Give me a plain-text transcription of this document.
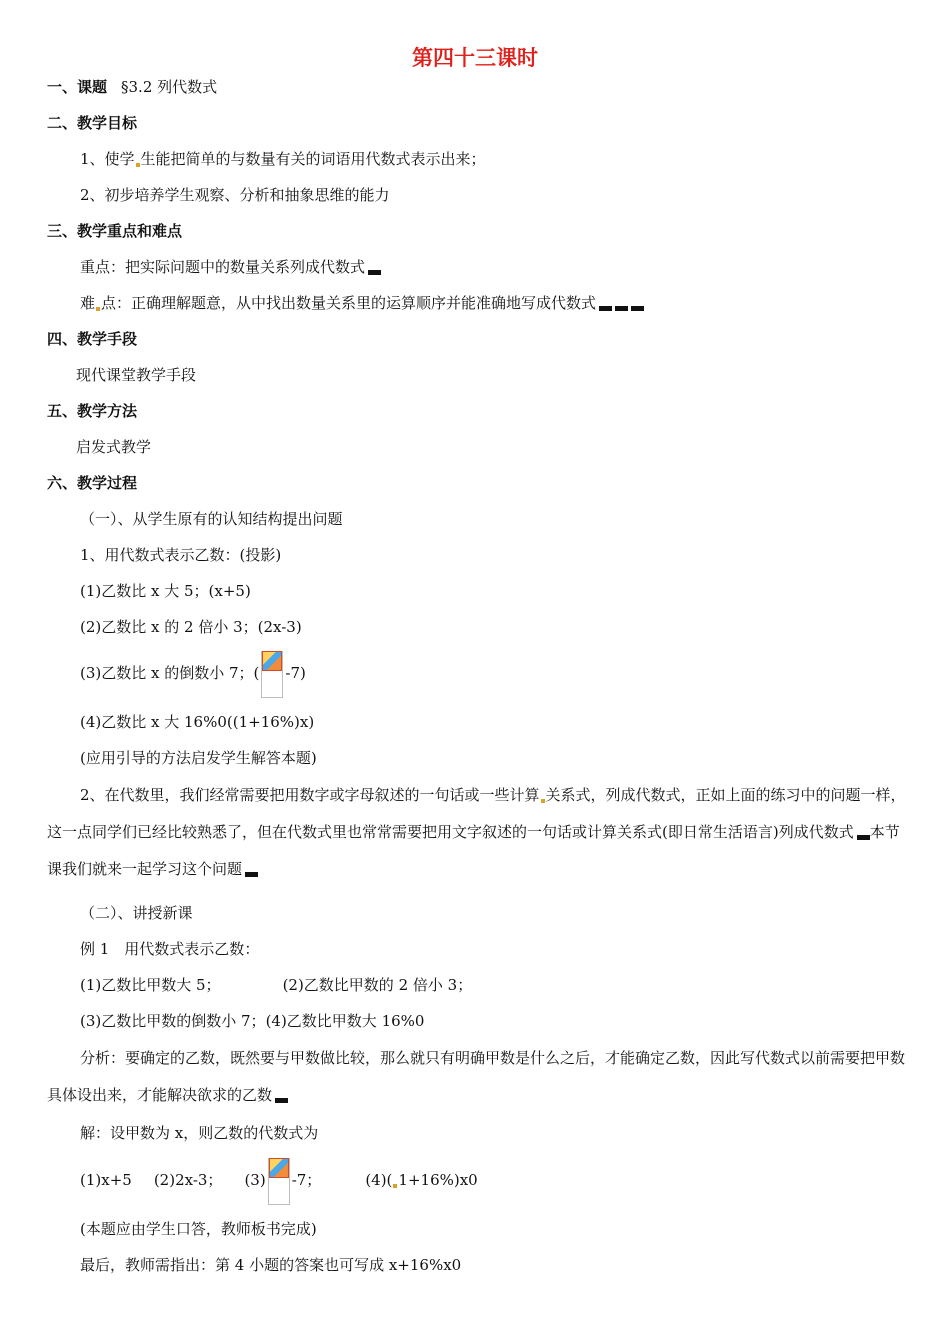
第四十三课时
一、课题 §3.2 列代数式
二、教学目标
1、使学 生能把简单的与数量有关的词语用代数式表示出来；
2、初步培养学生观察、分析和抽象思维的能力
三、教学重点和难点
重点：把实际问题中的数量关系列成代数式
难 点：正确理解题意，从中找出数量关系里的运算顺序并能准确地写成代数式
四、教学手段
现代课堂教学手段
五、教学方法
启发式教学
六、教学过程
（一）、从学生原有的认知结构提出问题
1、用代数式表示乙数：(投影)
(1)乙数比 x 大 5；(x+5)
(2)乙数比 x 的 2 倍小 3；(2x-3)
(3)乙数比 x 的倒数小 7；( -7)
(4)乙数比 x 大 16%0((1+16%)x)
(应用引导的方法启发学生解答本题)
2、在代数里，我们经常需要把用数字或字母叙述的一句话或一些计算 关系式，列成代数式，正如上面的练习中的问题一样，这一点同学们已经比较熟悉了，但在代数式里也常常需要把用文字叙述的一句话或计算关系式(即日常生活语言)列成代数式 本节课我们就来一起学习这个问题
（二）、讲授新课
例 1　用代数式表示乙数：
(1)乙数比甲数大 5；	(2)乙数比甲数的 2 倍小 3；
(3)乙数比甲数的倒数小 7；(4)乙数比甲数大 16%0
分析：要确定的乙数，既然要与甲数做比较，那么就只有明确甲数是什么之后，才能确定乙数，因此写代数式以前需要把甲数具体设出来，才能解决欲求的乙数
解：设甲数为 x，则乙数的代数式为
(1)x+5 (2)2x-3； (3) -7；	(4)( 1+16%)x0
(本题应由学生口答，教师板书完成)
最后，教师需指出：第 4 小题的答案也可写成 x+16%x0
